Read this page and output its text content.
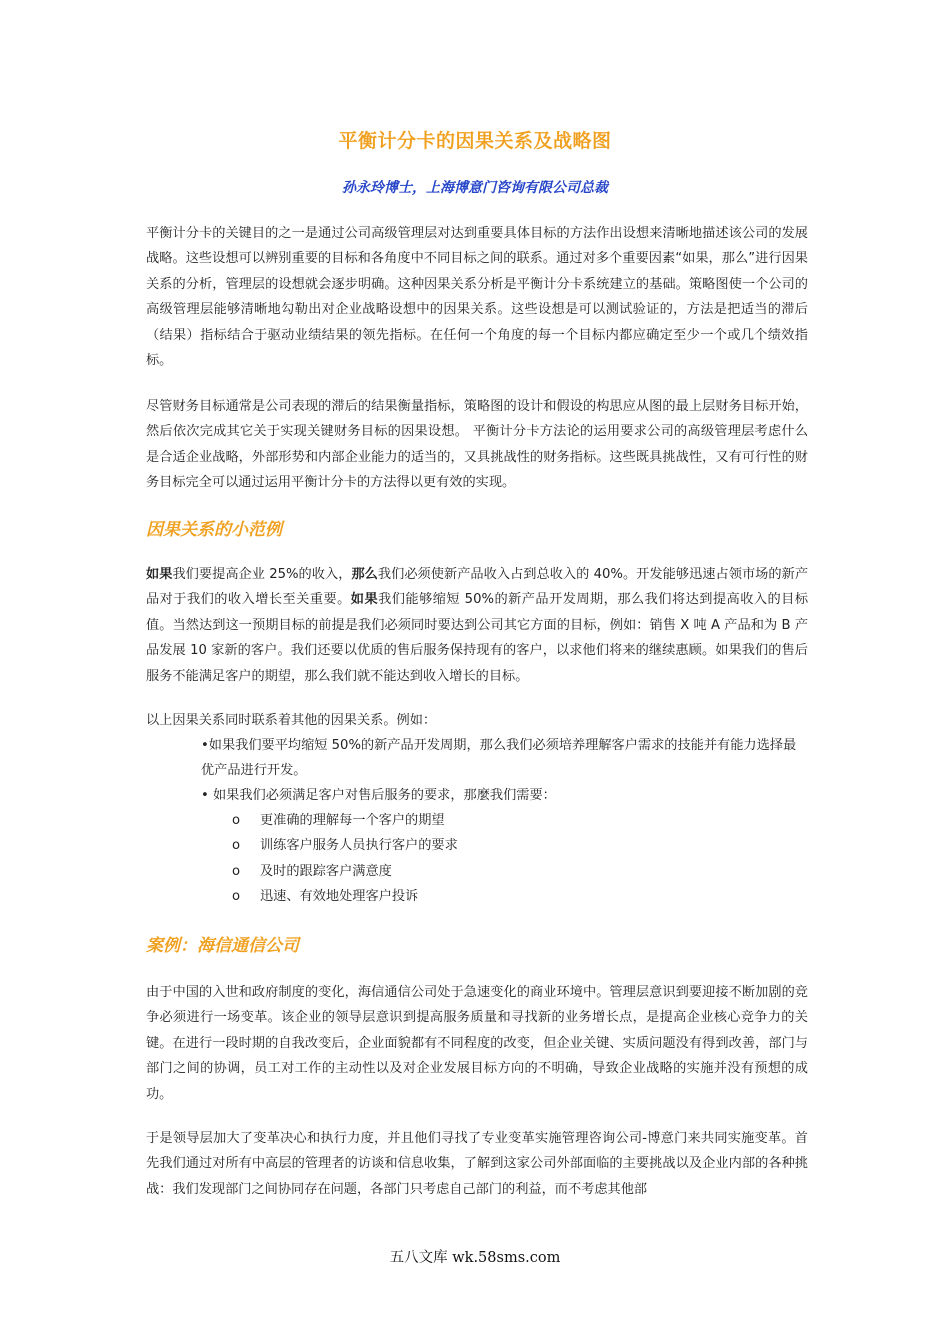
平衡计分卡的因果关系及战略图
孙永玲博士，上海博意门咨询有限公司总裁

平衡计分卡的关键目的之一是通过公司高级管理层对达到重要具体目标的方法作出设想来清晰地描述该公司的发展战略。这些设想可以辨别重要的目标和各角度中不同目标之间的联系。通过对多个重要因素“如果，那么”进行因果关系的分析，管理层的设想就会逐步明确。这种因果关系分析是平衡计分卡系统建立的基础。策略图使一个公司的高级管理层能够清晰地勾勒出对企业战略设想中的因果关系。这些设想是可以测试验证的，方法是把适当的滞后（结果）指标结合于驱动业绩结果的领先指标。在任何一个角度的每一个目标内都应确定至少一个或几个绩效指标。

尽管财务目标通常是公司表现的滞后的结果衡量指标，策略图的设计和假设的构思应从图的最上层财务目标开始，然后依次完成其它关于实现关键财务目标的因果设想。 平衡计分卡方法论的运用要求公司的高级管理层考虑什么是合适企业战略，外部形势和内部企业能力的适当的，又具挑战性的财务指标。这些既具挑战性，又有可行性的财务目标完全可以通过运用平衡计分卡的方法得以更有效的实现。

因果关系的小范例

如果我们要提高企业 25%的收入，那么我们必须使新产品收入占到总收入的 40%。开发能够迅速占领市场的新产品对于我们的收入增长至关重要。如果我们能够缩短 50%的新产品开发周期，那么我们将达到提高收入的目标值。当然达到这一预期目标的前提是我们必须同时要达到公司其它方面的目标，例如：销售 X 吨 A 产品和为 B 产品发展 10 家新的客户。我们还要以优质的售后服务保持现有的客户，以求他们将来的继续惠顾。如果我们的售后服务不能满足客户的期望，那么我们就不能达到收入增长的目标。

以上因果关系同时联系着其他的因果关系。例如：

•如果我们要平均缩短 50%的新产品开发周期，那么我们必须培养理解客户需求的技能并有能力选择最优产品进行开发。

• 如果我们必须满足客户对售后服务的要求，那麼我们需要：

o	更准确的理解每一个客户的期望
o	训练客户服务人员执行客户的要求
o	及时的跟踪客户满意度
o	迅速、有效地处理客户投诉
案例：海信通信公司

由于中国的入世和政府制度的变化，海信通信公司处于急速变化的商业环境中。管理层意识到要迎接不断加剧的竞争必须进行一场变革。该企业的领导层意识到提高服务质量和寻找新的业务增长点，是提高企业核心竞争力的关键。在进行一段时期的自我改变后，企业面貌都有不同程度的改变，但企业关键、实质问题没有得到改善，部门与部门之间的协调，员工对工作的主动性以及对企业发展目标方向的不明确，导致企业战略的实施并没有预想的成功。

于是领导层加大了变革决心和执行力度，并且他们寻找了专业变革实施管理咨询公司-博意门来共同实施变革。首先我们通过对所有中高层的管理者的访谈和信息收集，了解到这家公司外部面临的主要挑战以及企业内部的各种挑战：我们发现部门之间协同存在问题，各部门只考虑自己部门的利益，而不考虑其他部

五八文库 wk.58sms.com
